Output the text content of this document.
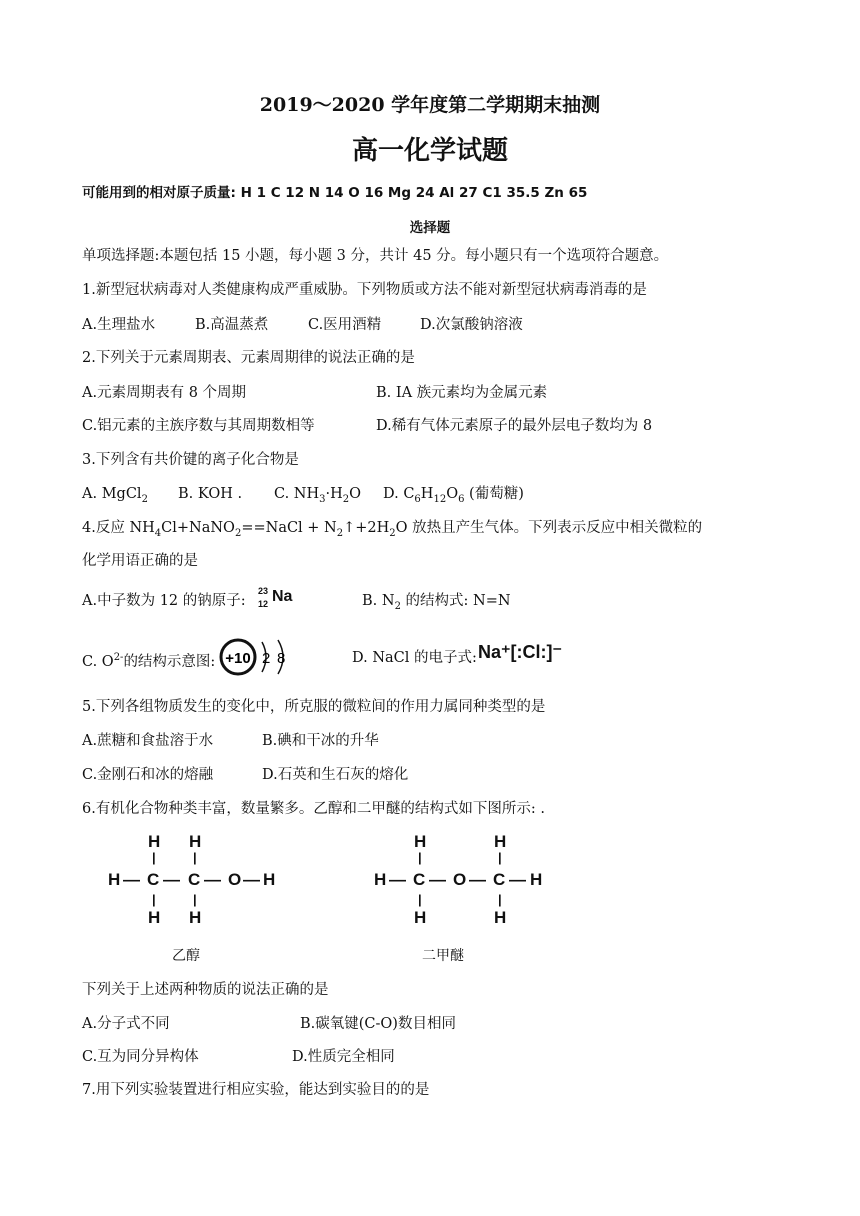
2019～2020 学年度第二学期期末抽测
高一化学试题
可能用到的相对原子质量: H 1 C 12 N 14 O 16 Mg 24 Al 27 C1 35.5 Zn 65
选择题
单项选择题:本题包括 15 小题，每小题 3 分，共计 45 分。每小题只有一个选项符合题意。
1.新型冠状病毒对人类健康构成严重威胁。下列物质或方法不能对新型冠状病毒消毒的是
A.生理盐水	B.高温蒸煮	C.医用酒精	D.次氯酸钠溶液
2.下列关于元素周期表、元素周期律的说法正确的是
A.元素周期表有 8 个周期	B. IA 族元素均为金属元素
C.铝元素的主族序数与其周期数相等	D.稀有气体元素原子的最外层电子数均为 8
3.下列含有共价键的离子化合物是
A. MgCl$_2$ B. KOH . C. $NH_3\cdot H_2O$ D. $C_6H_{12}O_6$ (葡萄糖)
4.反应 $NH_4Cl+NaNO_2==NaCl$ + $N_2↑+2H_2O$ 放热且产生气体。下列表示反应中相关微粒的
化学用语正确的是
A.中子数为 12 的钠原子:
23
12 Na	B. $N_2$ 的结构式: N=N
C. $O^{2-}$的结构示意图: +10 2 8	D. NaCl 的电子式: Na⁺[:Cl:]⁻
5.下列各组物质发生的变化中，所克服的微粒间的作用力属同种类型的是
A.蔗糖和食盐溶于水	B.碘和干冰的升华
C.金刚石和冰的熔融	D.石英和生石灰的熔化
6.有机化合物种类丰富，数量繁多。乙醇和二甲醚的结构式如下图所示: .
H H
|	|
H — C — C — O — H
|	|
H H
乙醇
H	H
|	|
H — C — O — C — H
|	|
H	H
二甲醚
下列关于上述两种物质的说法正确的是
A.分子式不同	B.碳氧键(C-O)数目相同
C.互为同分异构体	D.性质完全相同
7.用下列实验装置进行相应实验，能达到实验目的的是
